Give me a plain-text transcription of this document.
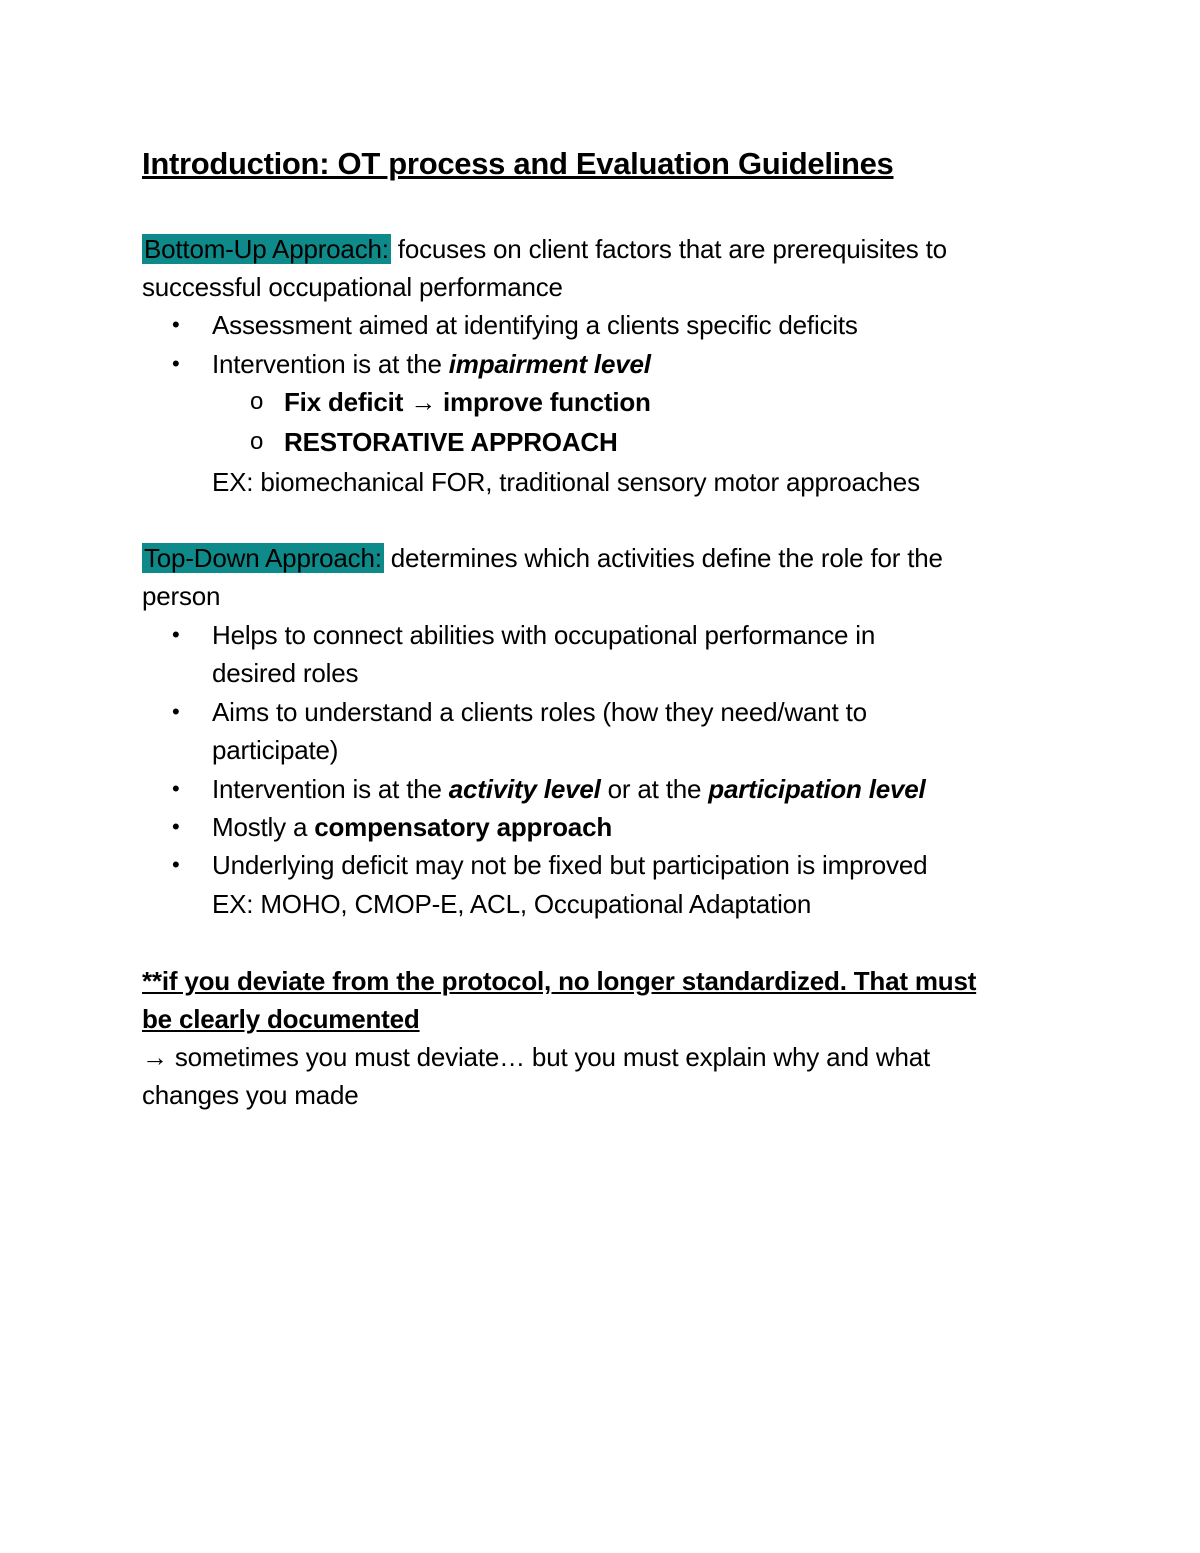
Introduction: OT process and Evaluation Guidelines
Bottom-Up Approach: focuses on client factors that are prerequisites to
successful occupational performance
• Assessment aimed at identifying a clients specific deficits
• Intervention is at the impairment level
o Fix deficit → improve function
o RESTORATIVE APPROACH
EX: biomechanical FOR, traditional sensory motor approaches
Top-Down Approach: determines which activities define the role for the
person
• Helps to connect abilities with occupational performance in
desired roles
• Aims to understand a clients roles (how they need/want to
participate)
• Intervention is at the activity level or at the participation level
• Mostly a compensatory approach
• Underlying deficit may not be fixed but participation is improved
EX: MOHO, CMOP-E, ACL, Occupational Adaptation
**if you deviate from the protocol, no longer standardized. That must
be clearly documented
→ sometimes you must deviate… but you must explain why and what
changes you made
